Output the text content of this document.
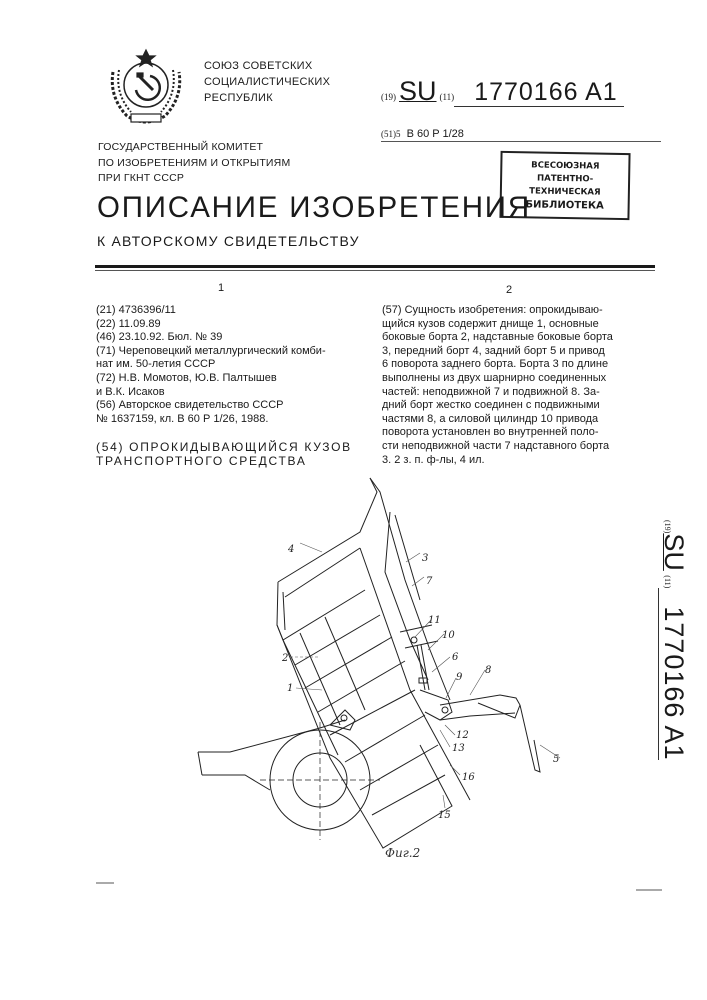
СОЮЗ СОВЕТСКИХ
СОЦИАЛИСТИЧЕСКИХ
РЕСПУБЛИК	(19) SU (11) 1770166 A1
(51)5 B 60 P 1/28
ГОСУДАРСТВЕННЫЙ КОМИТЕТ
ПО ИЗОБРЕТЕНИЯМ И ОТКРЫТИЯМ
ПРИ ГКНТ СССР
ВСЕСОЮЗНАЯ
ПАТЕНТНО-ТЕХНИЧЕСКАЯ
БИБЛИОТЕКА
ОПИСАНИЕ ИЗОБРЕТЕНИЯ
К АВТОРСКОМУ СВИДЕТЕЛЬСТВУ
1	2
(21) 4736396/11
(22) 11.09.89
(46) 23.10.92. Бюл. № 39
(71) Череповецкий металлургический комби-
нат им. 50-летия СССР
(72) Н.В. Момотов, Ю.В. Палтышев
и В.К. Исаков
(56) Авторское свидетельство СССР
№ 1637159, кл. В 60 Р 1/26, 1988.
(54) ОПРОКИДЫВАЮЩИЙСЯ КУЗОВ
ТРАНСПОРТНОГО СРЕДСТВА
(57) Сущность изобретения: опрокидываю-
щийся кузов содержит днище 1, основные
боковые борта 2, надставные боковые борта
3, передний борт 4, задний борт 5 и привод
6 поворота заднего борта. Борта 3 по длине
выполнены из двух шарнирно соединенных
частей: неподвижной 7 и подвижной 8. За-
дний борт жестко соединен с подвижными
частями 8, а силовой цилиндр 10 привода
поворота установлен во внутренней поло-
сти неподвижной части 7 надставного борта
3. 2 з. п. ф-лы, 4 ил.
(19)SU (11)1770166 A1
4
3
7
2
1
11
10
6
9
8
12
13
16
15
5
Фиг.2
